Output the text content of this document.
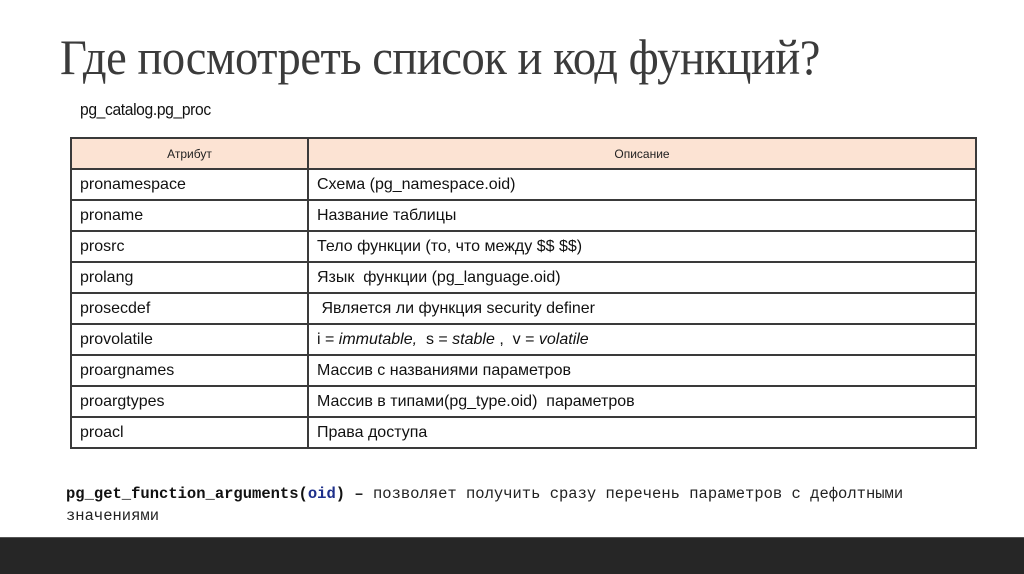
Где посмотреть список и код функций?
pg_catalog.pg_proc
Атрибут	Описание
pronamespace	Схема (pg_namespace.oid)
proname	Название таблицы
prosrc	Тело функции (то, что между $$ $$)
prolang	Язык  функции (pg_language.oid)
prosecdef	Является ли функция security definer
provolatile	i = immutable,  s = stable ,  v = volatile
proargnames	Массив с названиями параметров
proargtypes	Массив в типами(pg_type.oid)  параметров
proacl	Права доступа
pg_get_function_arguments(oid) – позволяет получить сразу перечень параметров с дефолтными значениями
